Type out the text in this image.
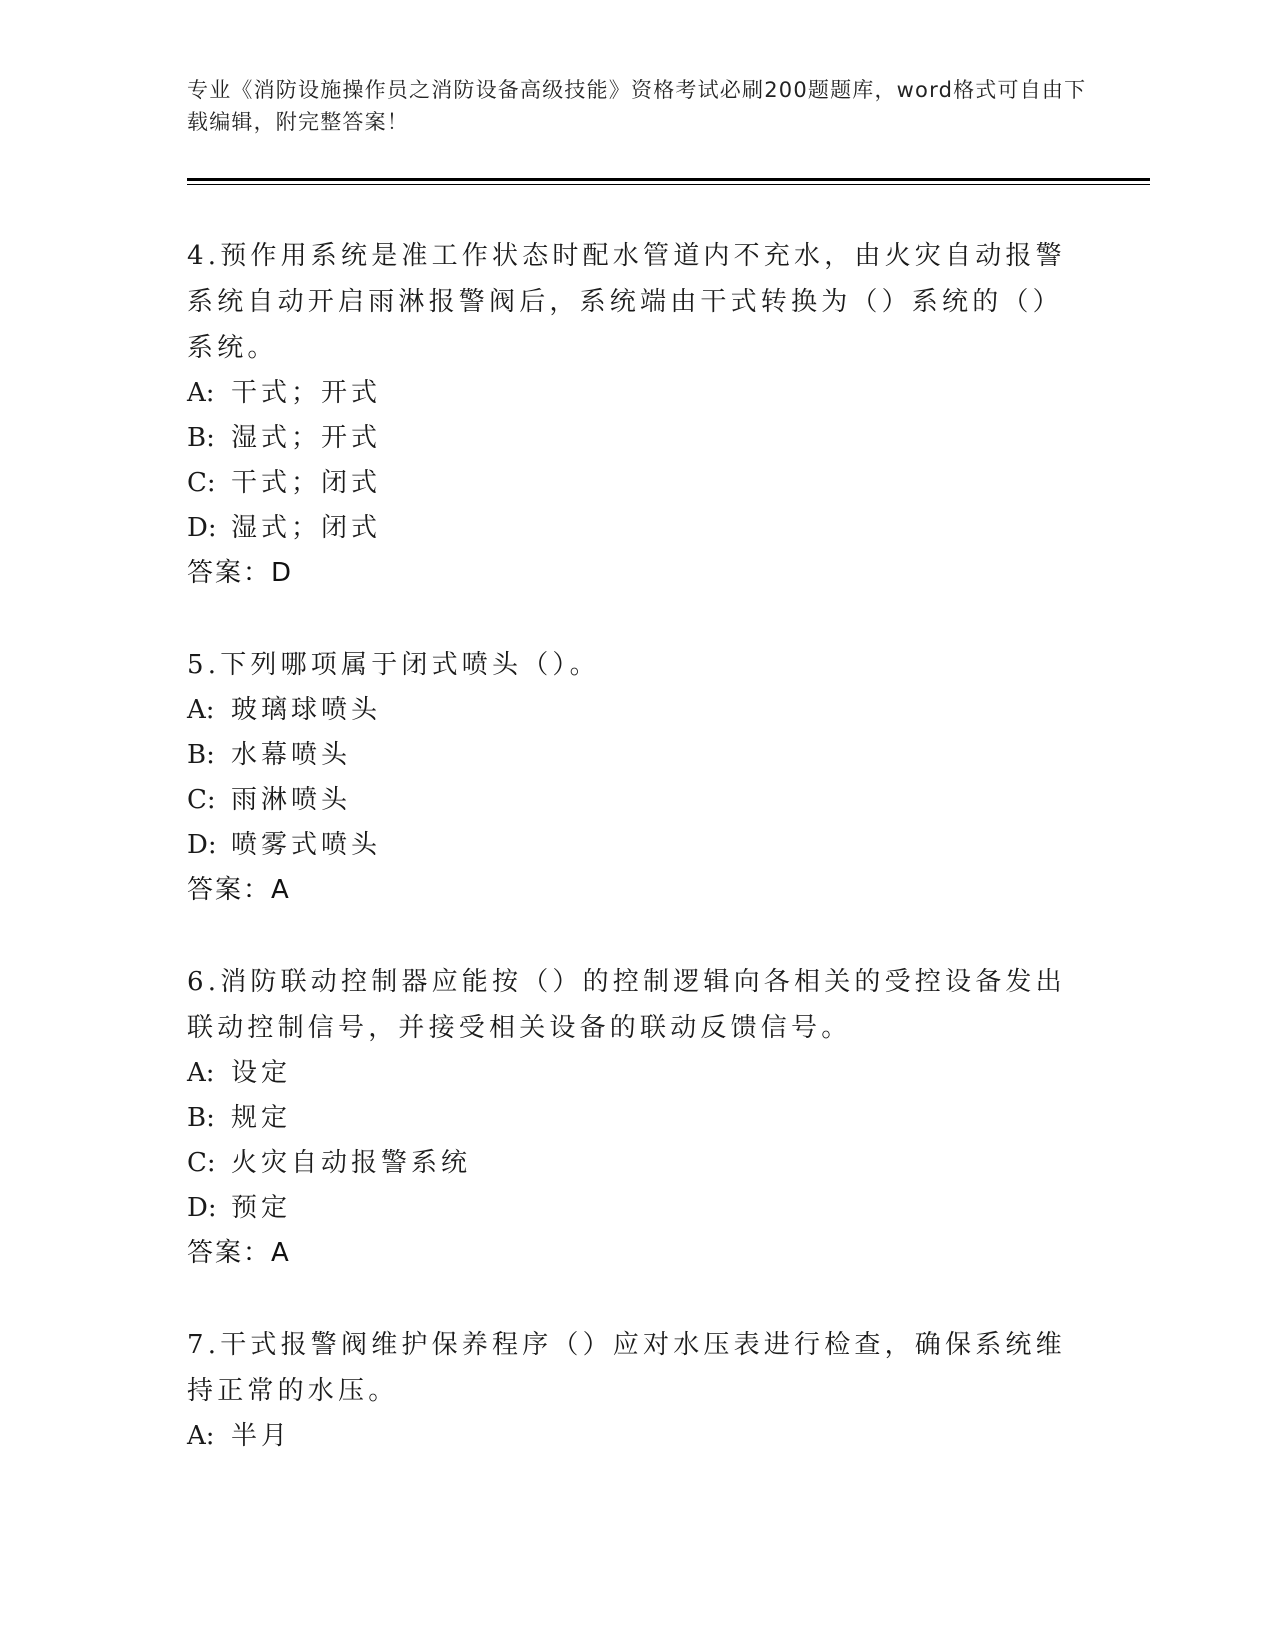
专业《消防设施操作员之消防设备高级技能》资格考试必刷200题题库，word格式可自由下载编辑，附完整答案！

4.预作用系统是准工作状态时配水管道内不充水，由火灾自动报警系统自动开启雨淋报警阀后，系统端由干式转换为（）系统的（）系统。

A: 干式；开式

B: 湿式；开式

C: 干式；闭式

D: 湿式；闭式

答案：D

5.下列哪项属于闭式喷头（）。

A: 玻璃球喷头

B: 水幕喷头

C: 雨淋喷头

D: 喷雾式喷头

答案：A

6.消防联动控制器应能按（）的控制逻辑向各相关的受控设备发出联动控制信号，并接受相关设备的联动反馈信号。

A: 设定

B: 规定

C: 火灾自动报警系统

D: 预定

答案：A

7.干式报警阀维护保养程序（）应对水压表进行检查，确保系统维持正常的水压。

A: 半月
